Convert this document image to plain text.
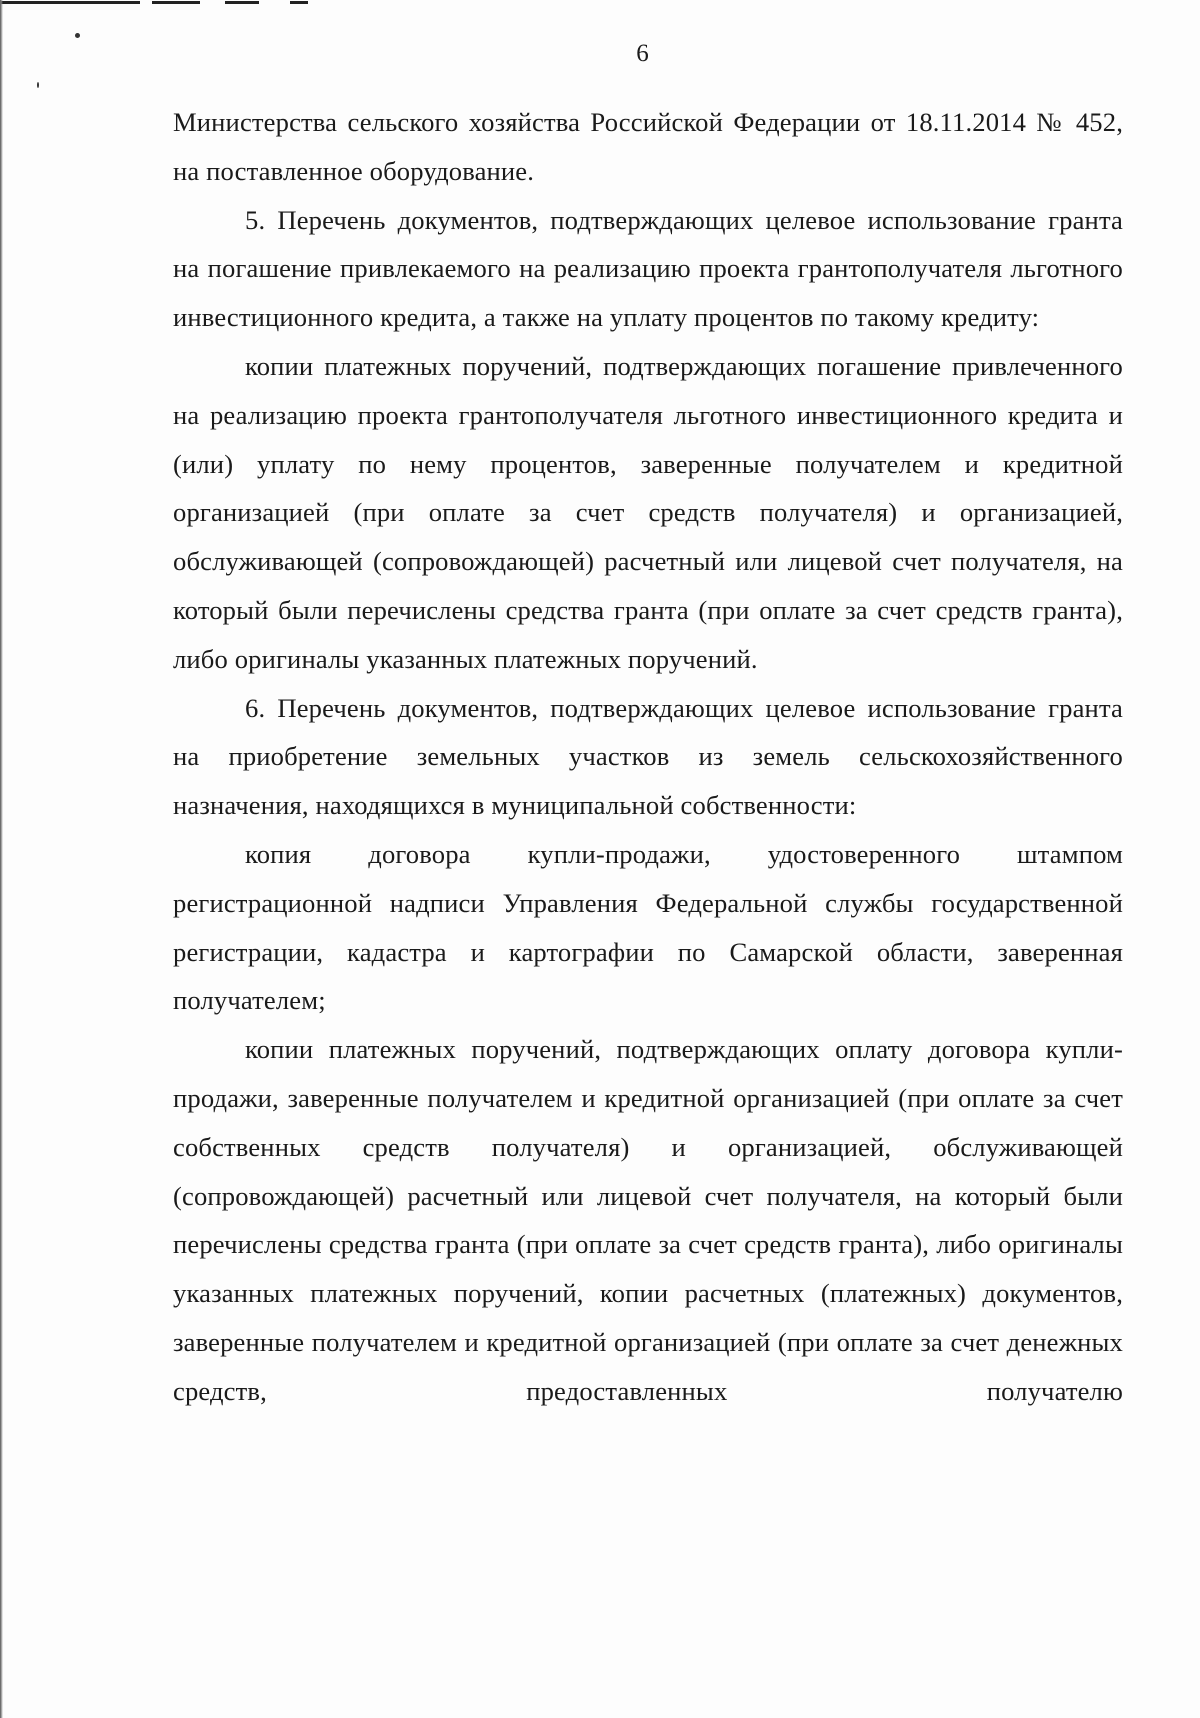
6

Министерства сельского хозяйства Российской Федерации от 18.11.2014 № 452, на поставленное оборудование.

5. Перечень документов, подтверждающих целевое использование гранта на погашение привлекаемого на реализацию проекта грантополучателя льготного инвестиционного кредита, а также на уплату процентов по такому кредиту:

копии платежных поручений, подтверждающих погашение привлеченного на реализацию проекта грантополучателя льготного инвестиционного кредита и (или) уплату по нему процентов, заверенные получателем и кредитной организацией (при оплате за счет средств получателя) и организацией, обслуживающей (сопровождающей) расчетный или лицевой счет получателя, на который были перечислены средства гранта (при оплате за счет средств гранта), либо оригиналы указанных платежных поручений.

6. Перечень документов, подтверждающих целевое использование гранта на приобретение земельных участков из земель сельскохозяйственного назначения, находящихся в муниципальной собственности:

копия договора купли-продажи, удостоверенного штампом регистрационной надписи Управления Федеральной службы государственной регистрации, кадастра и картографии по Самарской области, заверенная получателем;

копии платежных поручений, подтверждающих оплату договора купли-продажи, заверенные получателем и кредитной организацией (при оплате за счет собственных средств получателя) и организацией, обслуживающей (сопровождающей) расчетный или лицевой счет получателя, на который были перечислены средства гранта (при оплате за счет средств гранта), либо оригиналы указанных платежных поручений, копии расчетных (платежных) документов, заверенные получателем и кредитной организацией (при оплате за счет денежных средств, предоставленных получателю
